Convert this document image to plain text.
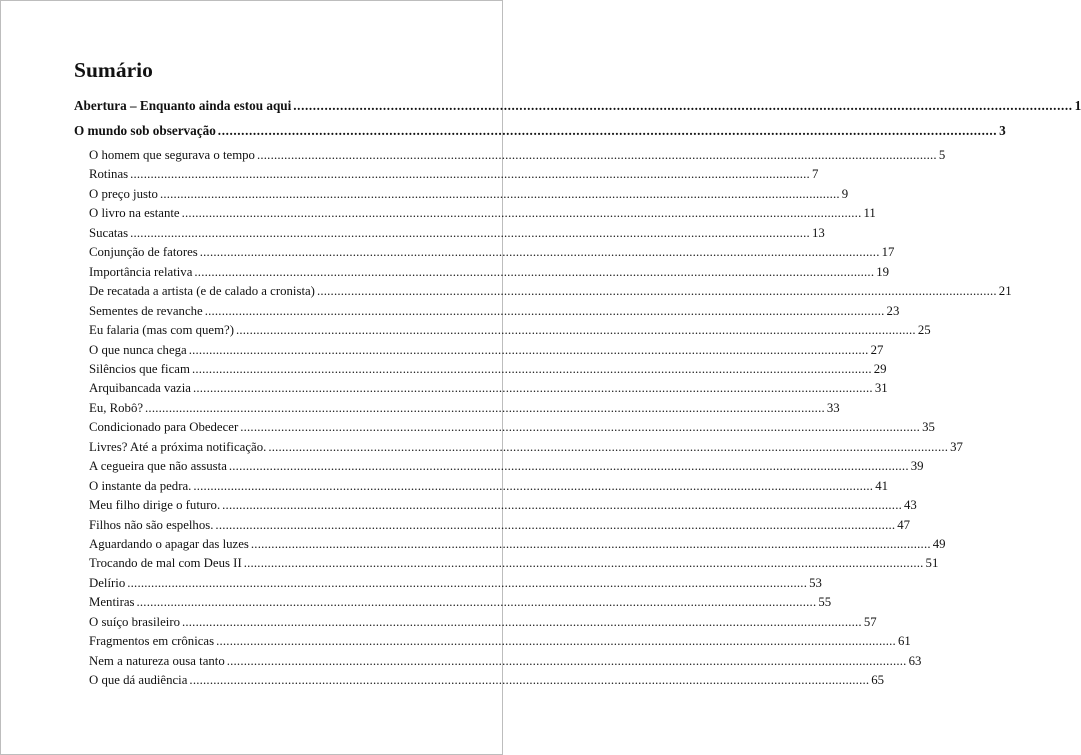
Sumário
Abertura – Enquanto ainda estou aqui ........................................................................................................................................................................................................ 1
O mundo sob observação ........................................................................................................................................................................................................ 3
O homem que segurava o tempo ........................................................................................................................................................................................................ 5
Rotinas ........................................................................................................................................................................................................ 7
O preço justo ........................................................................................................................................................................................................ 9
O livro na estante ........................................................................................................................................................................................................ 11
Sucatas ........................................................................................................................................................................................................ 13
Conjunção de fatores ........................................................................................................................................................................................................ 17
Importância relativa ........................................................................................................................................................................................................ 19
De recatada a artista (e de calado a cronista) ........................................................................................................................................................................................................ 21
Sementes de revanche ........................................................................................................................................................................................................ 23
Eu falaria (mas com quem?) ........................................................................................................................................................................................................ 25
O que nunca chega ........................................................................................................................................................................................................ 27
Silêncios que ficam ........................................................................................................................................................................................................ 29
Arquibancada vazia ........................................................................................................................................................................................................ 31
Eu, Robô? ........................................................................................................................................................................................................ 33
Condicionado para Obedecer ........................................................................................................................................................................................................ 35
Livres? Até a próxima notificação. ........................................................................................................................................................................................................ 37
A cegueira que não assusta ........................................................................................................................................................................................................ 39
O instante da pedra. ........................................................................................................................................................................................................ 41
Meu filho dirige o futuro. ........................................................................................................................................................................................................ 43
Filhos não são espelhos. ........................................................................................................................................................................................................ 47
Aguardando o apagar das luzes ........................................................................................................................................................................................................ 49
Trocando de mal com Deus II ........................................................................................................................................................................................................ 51
Delírio ........................................................................................................................................................................................................ 53
Mentiras ........................................................................................................................................................................................................ 55
O suíço brasileiro ........................................................................................................................................................................................................ 57
Fragmentos em crônicas ........................................................................................................................................................................................................ 61
Nem a natureza ousa tanto ........................................................................................................................................................................................................ 63
O que dá audiência ........................................................................................................................................................................................................ 65
